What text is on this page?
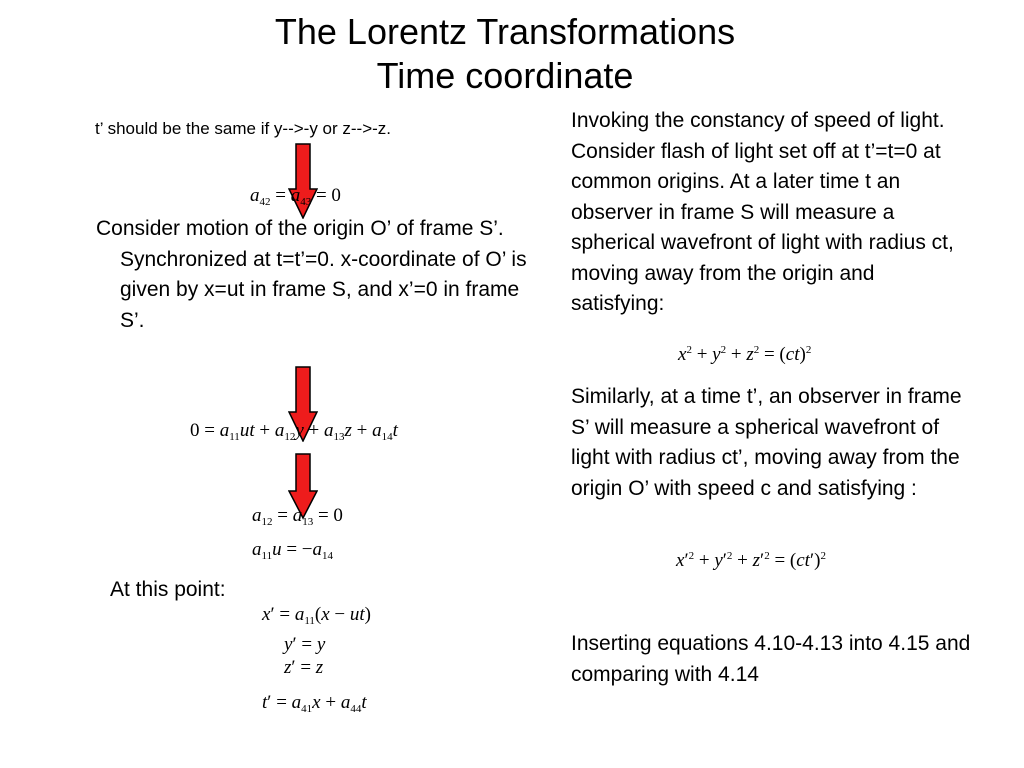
The Lorentz Transformations
Time coordinate
t’ should be the same if y-->-y or z-->-z.
$a_{42} = a_{43} = 0$
Consider motion of the origin O’ of frame S’. Synchronized at t=t’=0. x-coordinate of O’ is given by x=ut in frame S, and x’=0 in frame S’.
$0 = a_{11}ut + a_{12}y + a_{13}z + a_{14}t$
$a_{12} = a_{13} = 0$
$a_{11}u = -a_{14}$
At this point:
$x' = a_{11}(x - ut)$
y′ = y
z′ = z
$t' = a_{41}x + a_{44}t$
Invoking the constancy of speed of light. Consider flash of light set off at t’=t=0 at common origins. At a later time t an observer in frame S will measure a spherical wavefront of light with radius ct, moving away from the origin and satisfying:
$x^2 + y^2 + z^2 = (ct)^2$
Similarly, at a time t’, an observer in frame S’ will measure a spherical wavefront of light with radius ct’, moving away from the origin O’ with speed c and satisfying :
$x'^2 + y'^2 + z'^2 = (ct')^2$
Inserting equations 4.10-4.13 into 4.15 and comparing with 4.14
